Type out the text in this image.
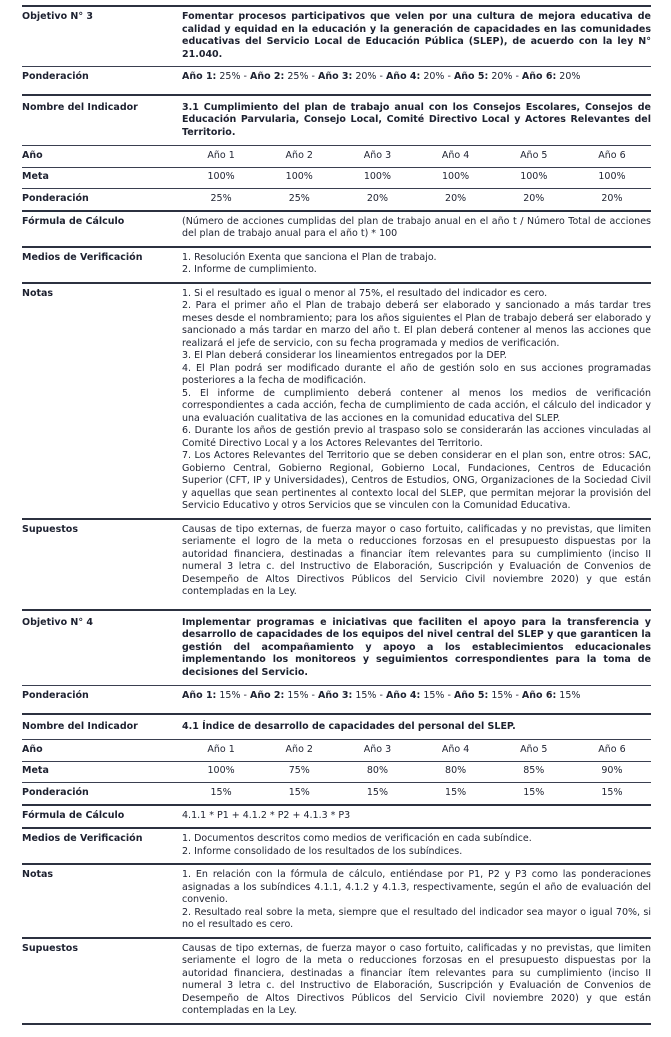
Objetivo N° 3	Fomentar procesos participativos que velen por una cultura de mejora educativa de calidad y equidad en la educación y la generación de capacidades en las comunidades educativas del Servicio Local de Educación Pública (SLEP), de acuerdo con la ley N° 21.040.
Ponderación	Año 1: 25% - Año 2: 25% - Año 3: 20% - Año 4: 20% - Año 5: 20% - Año 6: 20%
Nombre del Indicador	3.1 Cumplimiento del plan de trabajo anual con los Consejos Escolares, Consejos de Educación Parvularia, Consejo Local, Comité Directivo Local y Actores Relevantes del Territorio.
Año	Año 1	Año 2	Año 3	Año 4	Año 5	Año 6
Meta	100%	100%	100%	100%	100%	100%
Ponderación	25%	25%	20%	20%	20%	20%
Fórmula de Cálculo	(Número de acciones cumplidas del plan de trabajo anual en el año t / Número Total de acciones del plan de trabajo anual para el año t) * 100
Medios de Verificación	1. Resolución Exenta que sanciona el Plan de trabajo.
2. Informe de cumplimiento.
Notas	1. Si el resultado es igual o menor al 75%, el resultado del indicador es cero.

2. Para el primer año el Plan de trabajo deberá ser elaborado y sancionado a más tardar tres meses desde el nombramiento; para los años siguientes el Plan de trabajo deberá ser elaborado y sancionado a más tardar en marzo del año t. El plan deberá contener al menos las acciones que realizará el jefe de servicio, con su fecha programada y medios de verificación.

3. El Plan deberá considerar los lineamientos entregados por la DEP.

4. El Plan podrá ser modificado durante el año de gestión solo en sus acciones programadas posteriores a la fecha de modificación.

5. El informe de cumplimiento deberá contener al menos los medios de verificación correspondientes a cada acción, fecha de cumplimiento de cada acción, el cálculo del indicador y una evaluación cualitativa de las acciones en la comunidad educativa del SLEP.

6. Durante los años de gestión previo al traspaso solo se considerarán las acciones vinculadas al Comité Directivo Local y a los Actores Relevantes del Territorio.

7. Los Actores Relevantes del Territorio que se deben considerar en el plan son, entre otros: SAC, Gobierno Central, Gobierno Regional, Gobierno Local, Fundaciones, Centros de Educación Superior (CFT, IP y Universidades), Centros de Estudios, ONG, Organizaciones de la Sociedad Civil y aquellas que sean pertinentes al contexto local del SLEP, que permitan mejorar la provisión del Servicio Educativo y otros Servicios que se vinculen con la Comunidad Educativa.

Supuestos	Causas de tipo externas, de fuerza mayor o caso fortuito, calificadas y no previstas, que limiten seriamente el logro de la meta o reducciones forzosas en el presupuesto dispuestas por la autoridad financiera, destinadas a financiar ítem relevantes para su cumplimiento (inciso II numeral 3 letra c. del Instructivo de Elaboración, Suscripción y Evaluación de Convenios de Desempeño de Altos Directivos Públicos del Servicio Civil noviembre 2020) y que están contempladas en la Ley.
Objetivo N° 4	Implementar programas e iniciativas que faciliten el apoyo para la transferencia y desarrollo de capacidades de los equipos del nivel central del SLEP y que garanticen la gestión del acompañamiento y apoyo a los establecimientos educacionales implementando los monitoreos y seguimientos correspondientes para la toma de decisiones del Servicio.
Ponderación	Año 1: 15% - Año 2: 15% - Año 3: 15% - Año 4: 15% - Año 5: 15% - Año 6: 15%
Nombre del Indicador	4.1 Índice de desarrollo de capacidades del personal del SLEP.
Año	Año 1	Año 2	Año 3	Año 4	Año 5	Año 6
Meta	100%	75%	80%	80%	85%	90%
Ponderación	15%	15%	15%	15%	15%	15%
Fórmula de Cálculo	4.1.1 * P1 + 4.1.2 * P2 + 4.1.3 * P3
Medios de Verificación	1. Documentos descritos como medios de verificación en cada subíndice.
2. Informe consolidado de los resultados de los subíndices.
Notas	1. En relación con la fórmula de cálculo, entiéndase por P1, P2 y P3 como las ponderaciones asignadas a los subíndices 4.1.1, 4.1.2 y 4.1.3, respectivamente, según el año de evaluación del convenio.

2. Resultado real sobre la meta, siempre que el resultado del indicador sea mayor o igual 70%, si no el resultado es cero.

Supuestos	Causas de tipo externas, de fuerza mayor o caso fortuito, calificadas y no previstas, que limiten seriamente el logro de la meta o reducciones forzosas en el presupuesto dispuestas por la autoridad financiera, destinadas a financiar ítem relevantes para su cumplimiento (inciso II numeral 3 letra c. del Instructivo de Elaboración, Suscripción y Evaluación de Convenios de Desempeño de Altos Directivos Públicos del Servicio Civil noviembre 2020) y que están contempladas en la Ley.
